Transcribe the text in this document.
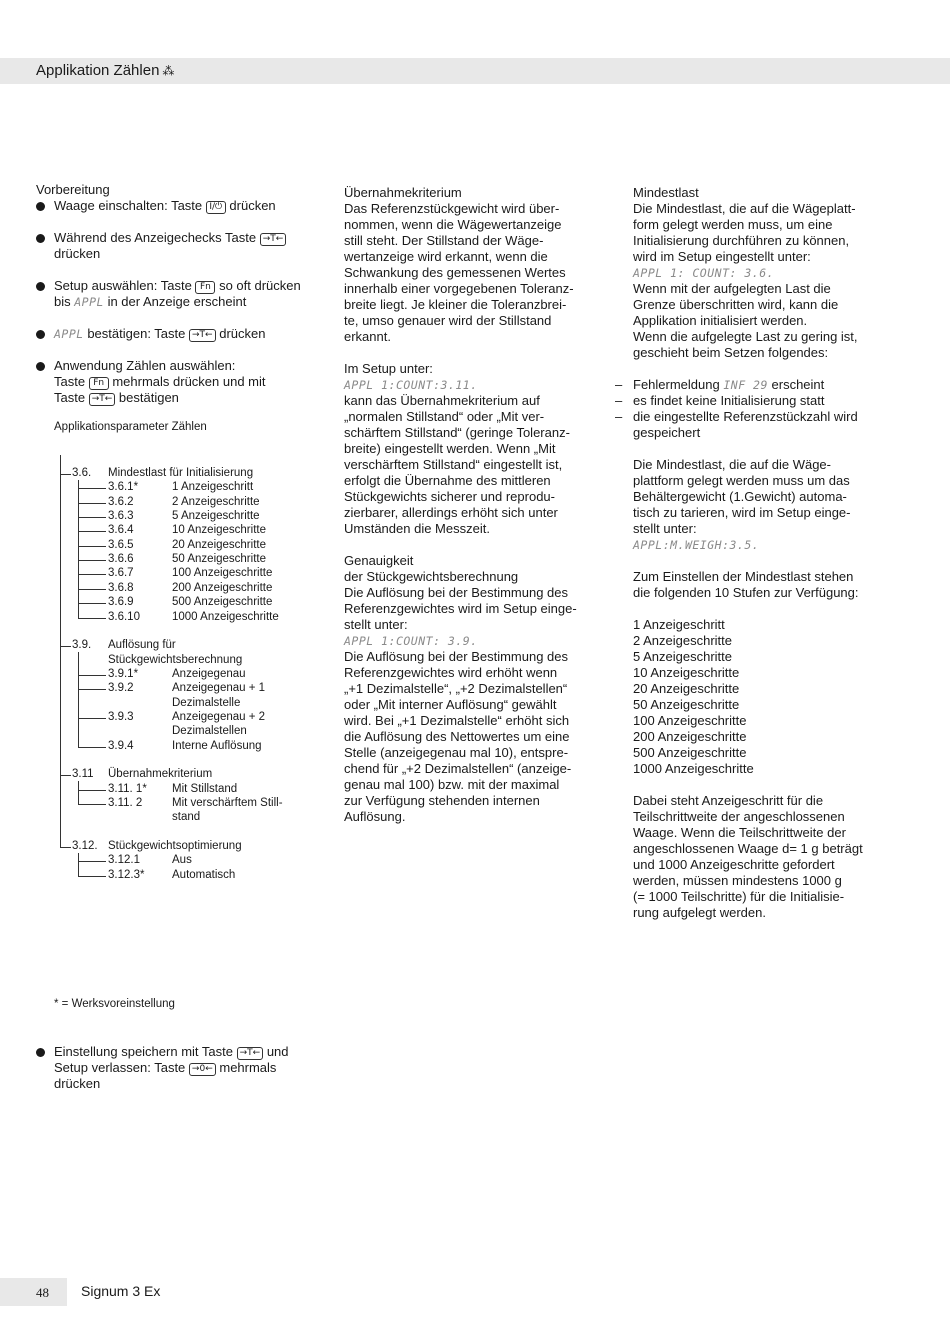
Applikation Zählen ⁂

Vorbereitung

Waage einschalten: Taste I/⏻ drücken

Während des Anzeigechecks Taste →T←
drücken

Setup auswählen: Taste Fn so oft drücken bis APPL in der Anzeige erscheint

APPL bestätigen: Taste →T← drücken

Anwendung Zählen auswählen:
Taste Fn mehrmals drücken und mit
Taste →T← bestätigen

Applikationsparameter Zählen

3.6. Mindestlast für Initialisierung
3.6.1*	1 Anzeigeschritt
3.6.2	2 Anzeigeschritte
3.6.3	5 Anzeigeschritte
3.6.4	10 Anzeigeschritte
3.6.5	20 Anzeigeschritte
3.6.6	50 Anzeigeschritte
3.6.7	100 Anzeigeschritte
3.6.8	200 Anzeigeschritte
3.6.9	500 Anzeigeschritte
3.6.10	1000 Anzeigeschritte
3.9. Auflösung für
Stückgewichtsberechnung
3.9.1*	Anzeigegenau
3.9.2	Anzeigegenau + 1
Dezimalstelle
3.9.3	Anzeigegenau + 2
Dezimalstellen
3.9.4	Interne Auflösung
3.11 Übernahmekriterium
3.11. 1* Mit Stillstand
3.11. 2	Mit verschärftem Still-
stand
3.12. Stückgewichtsoptimierung
3.12.1	Aus
3.12.3* Automatisch
* = Werksvoreinstellung

Einstellung speichern mit Taste →T← und
Setup verlassen: Taste →0← mehrmals
drücken

Übernahmekriterium

Das Referenzstückgewicht wird über-

nommen, wenn die Wägewertanzeige

still steht. Der Stillstand der Wäge-

wertanzeige wird erkannt, wenn die

Schwankung des gemessenen Wertes

innerhalb einer vorgegebenen Toleranz-

breite liegt. Je kleiner die Toleranzbrei-

te, umso genauer wird der Stillstand

erkannt.

Im Setup unter:

APPL 1:COUNT:3.11.

kann das Übernahmekriterium auf

„normalen Stillstand“ oder „Mit ver-

schärftem Stillstand“ (geringe Toleranz-

breite) eingestellt werden. Wenn „Mit

verschärftem Stillstand“ eingestellt ist,

erfolgt die Übernahme des mittleren

Stückgewichts sicherer und reprodu-

zierbarer, allerdings erhöht sich unter

Umständen die Messzeit.

Genauigkeit

der Stückgewichtsberechnung

Die Auflösung bei der Bestimmung des

Referenzgewichtes wird im Setup einge-

stellt unter:

APPL 1:COUNT: 3.9.

Die Auflösung bei der Bestimmung des

Referenzgewichtes wird erhöht wenn

„+1 Dezimalstelle“, „+2 Dezimalstellen“

oder „Mit interner Auflösung“ gewählt

wird. Bei „+1 Dezimalstelle“ erhöht sich

die Auflösung des Nettowertes um eine

Stelle (anzeigegenau mal 10), entspre-

chend für „+2 Dezimalstellen“ (anzeige-

genau mal 100) bzw. mit der maximal

zur Verfügung stehenden internen

Auflösung.

Mindestlast

Die Mindestlast, die auf die Wägeplatt-

form gelegt werden muss, um eine

Initialisierung durchführen zu können,

wird im Setup eingestellt unter:

APPL 1: COUNT: 3.6.

Wenn mit der aufgelegten Last die

Grenze überschritten wird, kann die

Applikation initialisiert werden.

Wenn die aufgelegte Last zu gering ist,

geschieht beim Setzen folgendes:

– Fehlermeldung INF 29 erscheint

– es findet keine Initialisierung statt

– die eingestellte Referenzstückzahl wird
gespeichert

Die Mindestlast, die auf die Wäge-

plattform gelegt werden muss um das

Behältergewicht (1.Gewicht) automa-

tisch zu tarieren, wird im Setup einge-

stellt unter:

APPL:M.WEIGH:3.5.

Zum Einstellen der Mindestlast stehen

die folgenden 10 Stufen zur Verfügung:

1 Anzeigeschritt

2 Anzeigeschritte

5 Anzeigeschritte

10 Anzeigeschritte

20 Anzeigeschritte

50 Anzeigeschritte

100 Anzeigeschritte

200 Anzeigeschritte

500 Anzeigeschritte

1000 Anzeigeschritte

Dabei steht Anzeigeschritt für die

Teilschrittweite der angeschlossenen

Waage. Wenn die Teilschrittweite der

angeschlossenen Waage d= 1 g beträgt

und 1000 Anzeigeschritte gefordert

werden, müssen mindestens 1000 g

(= 1000 Teilschritte) für die Initialisie-

rung aufgelegt werden.

48 Signum 3 Ex
